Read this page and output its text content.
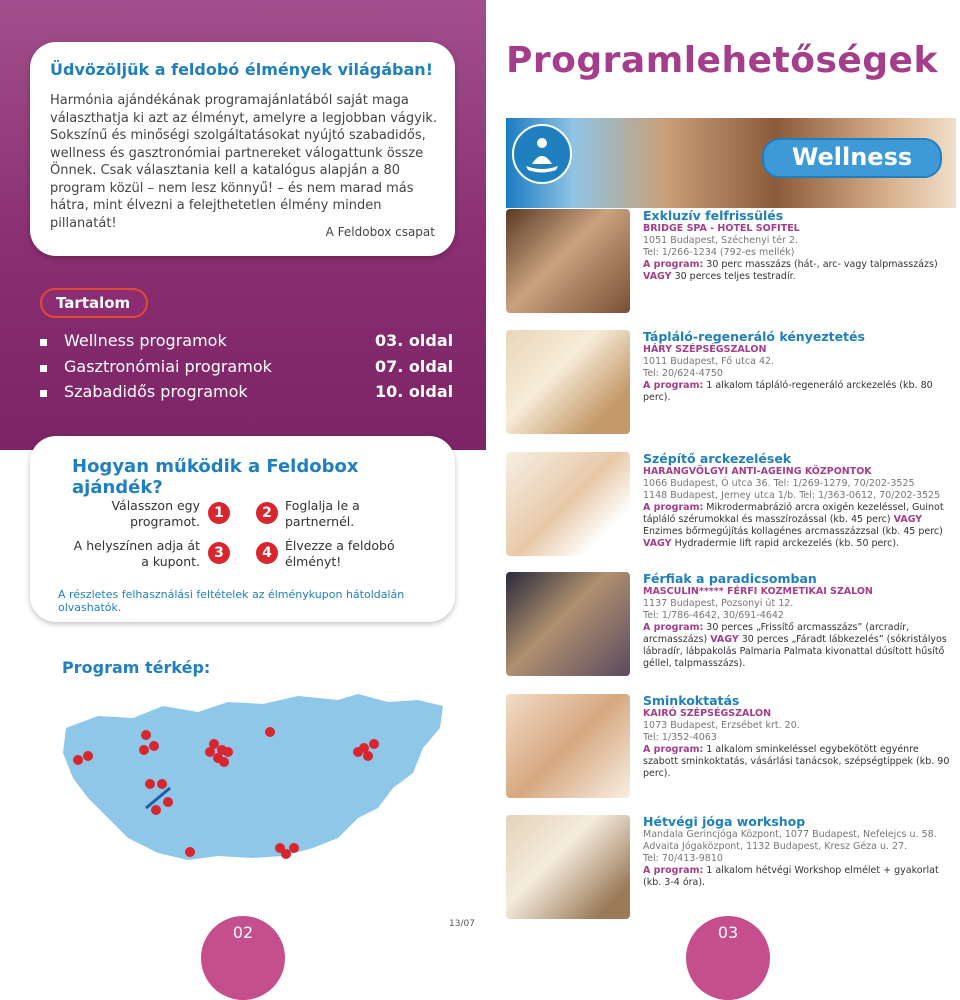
Üdvözöljük a feldobó élmények világában!

Harmónia ajándékának programajánlatából saját maga választhatja ki azt az élményt, amelyre a legjobban vágyik. Sokszínű és minőségi szolgáltatásokat nyújtó szabadidős, wellness és gasztronómiai partnereket válogattunk össze Önnek. Csak választania kell a katalógus alapján a 80 program közül – nem lesz könnyű! – és nem marad más hátra, mint élvezni a felejthetetlen élmény minden pillanatát!

A Feldobox csapat
Tartalom
Wellness programok	03. oldal
Gasztronómiai programok	07. oldal
Szabadidős programok	10. oldal
Hogyan működik a Feldobox ajándék?
Válasszon egy programot.
1	2	Foglalja le a partnernél.
A helyszínen adja át a kupont.
3	4	Élvezze a feldobó élményt!
A részletes felhasználási feltételek az élménykupon hátoldalán olvashatók.
Program térkép:
02	13/07
Programlehetőségek
Wellness
Exkluzív felfrissülés
BRIDGE SPA - HOTEL SOFITEL
1051 Budapest, Széchenyi tér 2.
Tel: 1/266-1234 (792-es mellék)
A program: 30 perc masszázs (hát-, arc- vagy talpmasszázs) VAGY 30 perces teljes testradír.
Tápláló-regeneráló kényeztetés
HÁRY SZÉPSÉGSZALON
1011 Budapest, Fő utca 42.
Tel: 20/624-4750
A program: 1 alkalom tápláló-regeneráló arckezelés (kb. 80 perc).
Szépítő arckezelések
HARANGVÖLGYI ANTI-AGEING KÖZPONTOK
1066 Budapest, Ó utca 36. Tel: 1/269-1279, 70/202-3525
1148 Budapest, Jerney utca 1/b. Tel: 1/363-0612, 70/202-3525
A program: Mikrodermabrázió arcra oxigén kezeléssel, Guinot tápláló szérumokkal és masszírozással (kb. 45 perc) VAGY Enzimes bőrmegújítás kollagénes arcmasszázzsal (kb. 45 perc) VAGY Hydradermie lift rapid arckezelés (kb. 50 perc).
Férfiak a paradicsomban
MASCULIN***** FÉRFI KOZMETIKAI SZALON
1137 Budapest, Pozsonyi út 12.
Tel: 1/786-4642, 30/691-4642
A program: 30 perces „Frissítő arcmasszázs” (arcradír, arcmasszázs) VAGY 30 perces „Fáradt lábkezelés” (sókristályos lábradír, lábpakolás Palmaria Palmata kivonattal dúsított hűsítő géllel, talpmasszázs).
Sminkoktatás
KAIRÓ SZÉPSÉGSZALON
1073 Budapest, Erzsébet krt. 20.
Tel: 1/352-4063
A program: 1 alkalom sminkeléssel egybekötött egyénre szabott sminkoktatás, vásárlási tanácsok, szépségtippek (kb. 90 perc).
Hétvégi jóga workshop
Mandala Gerincjóga Központ, 1077 Budapest, Nefelejcs u. 58.
Advaita Jógaközpont, 1132 Budapest, Kresz Géza u. 27.
Tel: 70/413-9810
A program: 1 alkalom hétvégi Workshop elmélet + gyakorlat (kb. 3-4 óra).
03
